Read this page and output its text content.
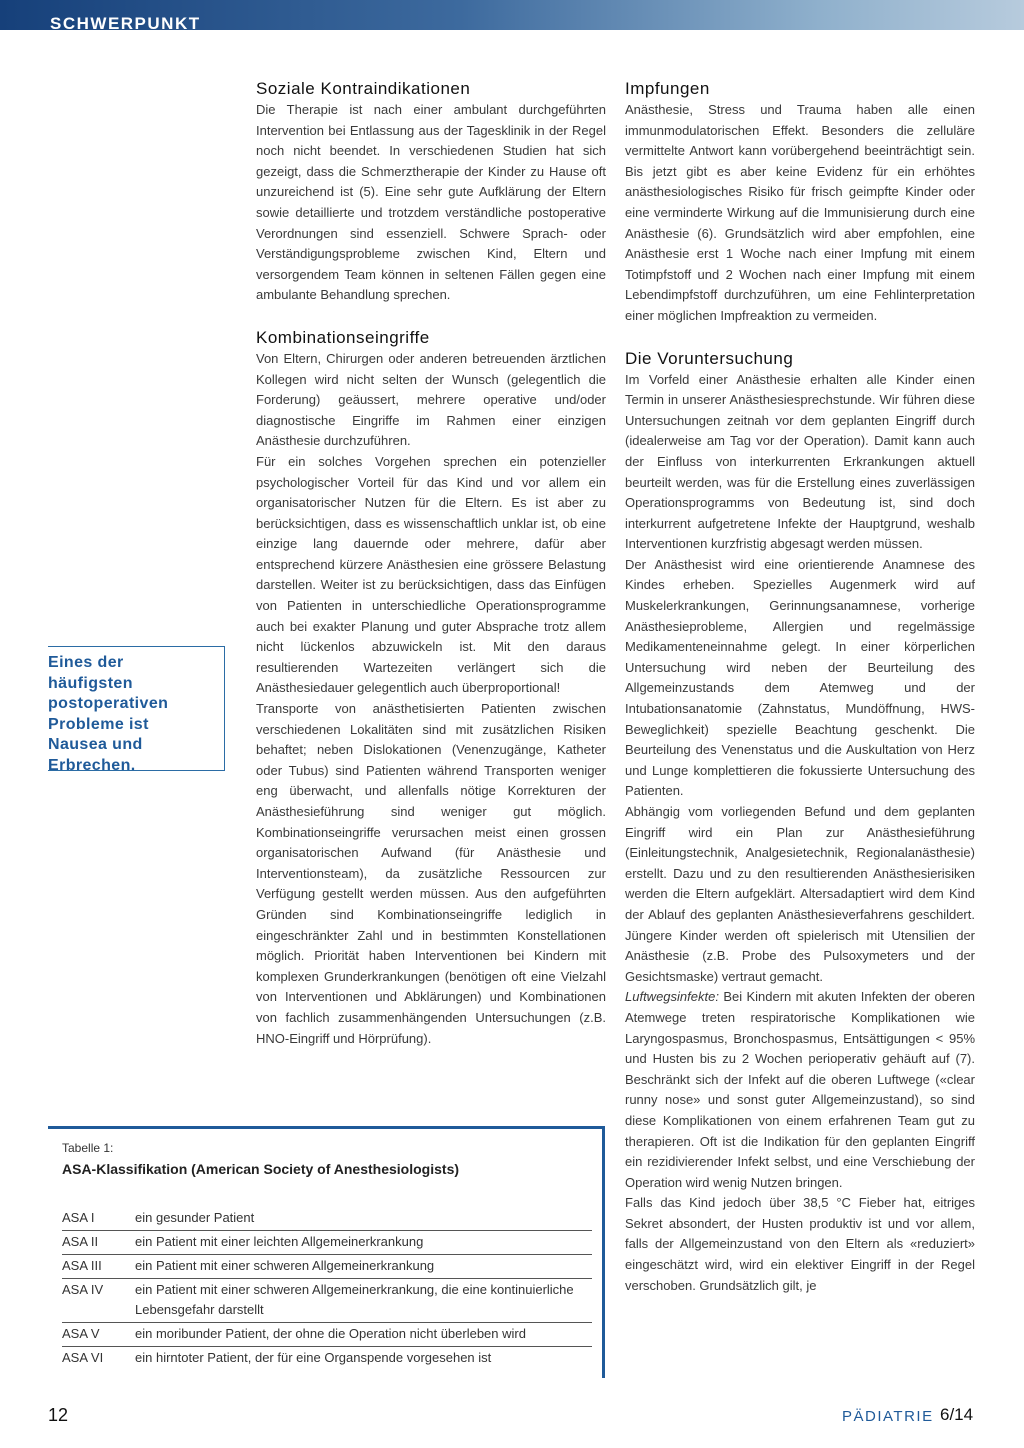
SCHWERPUNKT
Soziale Kontraindikationen

Die Therapie ist nach einer ambulant durchgeführten Intervention bei Entlassung aus der Tagesklinik in der Regel noch nicht beendet. In verschiedenen Studien hat sich gezeigt, dass die Schmerztherapie der Kinder zu Hause oft unzureichend ist (5). Eine sehr gute Aufklärung der Eltern sowie detaillierte und trotzdem verständliche postoperative Verordnungen sind essenziell. Schwere Sprach- oder Verständigungsprobleme zwischen Kind, Eltern und versorgendem Team können in seltenen Fällen gegen eine ambulante Behandlung sprechen.

Kombinationseingriffe

Von Eltern, Chirurgen oder anderen betreuenden ärztlichen Kollegen wird nicht selten der Wunsch (gelegentlich die Forderung) geäussert, mehrere operative und/oder diagnostische Eingriffe im Rahmen einer einzigen Anästhesie durchzuführen.

Für ein solches Vorgehen sprechen ein potenzieller psychologischer Vorteil für das Kind und vor allem ein organisatorischer Nutzen für die Eltern. Es ist aber zu berücksichtigen, dass es wissenschaftlich unklar ist, ob eine einzige lang dauernde oder mehrere, dafür aber entsprechend kürzere Anästhesien eine grössere Belastung darstellen. Weiter ist zu berücksichtigen, dass das Einfügen von Patienten in unterschiedliche Operationsprogramme auch bei exakter Planung und guter Absprache trotz allem nicht lückenlos abzuwickeln ist. Mit den daraus resultierenden Wartezeiten verlängert sich die Anästhesiedauer gelegentlich auch überproportional!

Transporte von anästhetisierten Patienten zwischen verschiedenen Lokalitäten sind mit zusätzlichen Risiken behaftet; neben Dislokationen (Venenzugänge, Katheter oder Tubus) sind Patienten während Transporten weniger eng überwacht, und allenfalls nötige Korrekturen der Anästhesieführung sind weniger gut möglich. Kombinationseingriffe verursachen meist einen grossen organisatorischen Aufwand (für Anästhesie und Interventionsteam), da zusätzliche Ressourcen zur Verfügung gestellt werden müssen. Aus den aufgeführten Gründen sind Kombinationseingriffe lediglich in eingeschränkter Zahl und in bestimmten Konstellationen möglich. Priorität haben Interventionen bei Kindern mit komplexen Grunderkrankungen (benötigen oft eine Vielzahl von Interventionen und Abklärungen) und Kombinationen von fachlich zusammenhängenden Untersuchungen (z.B. HNO-Eingriff und Hörprüfung).

Impfungen

Anästhesie, Stress und Trauma haben alle einen immunmodulatorischen Effekt. Besonders die zelluläre vermittelte Antwort kann vorübergehend beeinträchtigt sein. Bis jetzt gibt es aber keine Evidenz für ein erhöhtes anästhesiologisches Risiko für frisch geimpfte Kinder oder eine verminderte Wirkung auf die Immunisierung durch eine Anästhesie (6). Grundsätzlich wird aber empfohlen, eine Anästhesie erst 1 Woche nach einer Impfung mit einem Totimpfstoff und 2 Wochen nach einer Impfung mit einem Lebendimpfstoff durchzuführen, um eine Fehlinterpretation einer möglichen Impfreaktion zu vermeiden.

Die Voruntersuchung

Im Vorfeld einer Anästhesie erhalten alle Kinder einen Termin in unserer Anästhesiesprechstunde. Wir führen diese Untersuchungen zeitnah vor dem geplanten Eingriff durch (idealerweise am Tag vor der Operation). Damit kann auch der Einfluss von interkurrenten Erkrankungen aktuell beurteilt werden, was für die Erstellung eines zuverlässigen Operationsprogramms von Bedeutung ist, sind doch interkurrent aufgetretene Infekte der Hauptgrund, weshalb Interventionen kurzfristig abgesagt werden müssen.

Der Anästhesist wird eine orientierende Anamnese des Kindes erheben. Spezielles Augenmerk wird auf Muskelerkrankungen, Gerinnungsanamnese, vorherige Anästhesieprobleme, Allergien und regelmässige Medikamenteneinnahme gelegt. In einer körperlichen Untersuchung wird neben der Beurteilung des Allgemeinzustands dem Atemweg und der Intubationsanatomie (Zahnstatus, Mundöffnung, HWS-Beweglichkeit) spezielle Beachtung geschenkt. Die Beurteilung des Venenstatus und die Auskultation von Herz und Lunge komplettieren die fokussierte Untersuchung des Patienten.

Abhängig vom vorliegenden Befund und dem geplanten Eingriff wird ein Plan zur Anästhesieführung (Einleitungstechnik, Analgesietechnik, Regionalanästhesie) erstellt. Dazu und zu den resultierenden Anästhesierisiken werden die Eltern aufgeklärt. Altersadaptiert wird dem Kind der Ablauf des geplanten Anästhesieverfahrens geschildert. Jüngere Kinder werden oft spielerisch mit Utensilien der Anästhesie (z.B. Probe des Pulsoxymeters und der Gesichtsmaske) vertraut gemacht.

Luftwegsinfekte: Bei Kindern mit akuten Infekten der oberen Atemwege treten respiratorische Komplikationen wie Laryngospasmus, Bronchospasmus, Entsättigungen < 95% und Husten bis zu 2 Wochen perioperativ gehäuft auf (7). Beschränkt sich der Infekt auf die oberen Luftwege («clear runny nose» und sonst guter Allgemeinzustand), so sind diese Komplikationen von einem erfahrenen Team gut zu therapieren. Oft ist die Indikation für den geplanten Eingriff ein rezidivierender Infekt selbst, und eine Verschiebung der Operation wird wenig Nutzen bringen.

Falls das Kind jedoch über 38,5 °C Fieber hat, eitriges Sekret absondert, der Husten produktiv ist und vor allem, falls der Allgemeinzustand von den Eltern als «reduziert» eingeschätzt wird, wird ein elektiver Eingriff in der Regel verschoben. Grundsätzlich gilt, je

Eines der häufigsten postoperativen Probleme ist Nausea und Erbrechen.

Tabelle 1:
ASA-Klassifikation (American Society of Anesthesiologists)
ASA I	ein gesunder Patient
ASA II	ein Patient mit einer leichten Allgemeinerkrankung
ASA III	ein Patient mit einer schweren Allgemeinerkrankung
ASA IV	ein Patient mit einer schweren Allgemeinerkrankung, die eine kontinuierliche Lebensgefahr darstellt
ASA V	ein moribunder Patient, der ohne die Operation nicht überleben wird
ASA VI	ein hirntoter Patient, der für eine Organspende vorgesehen ist
12	PÄDIATRIE 6/14
